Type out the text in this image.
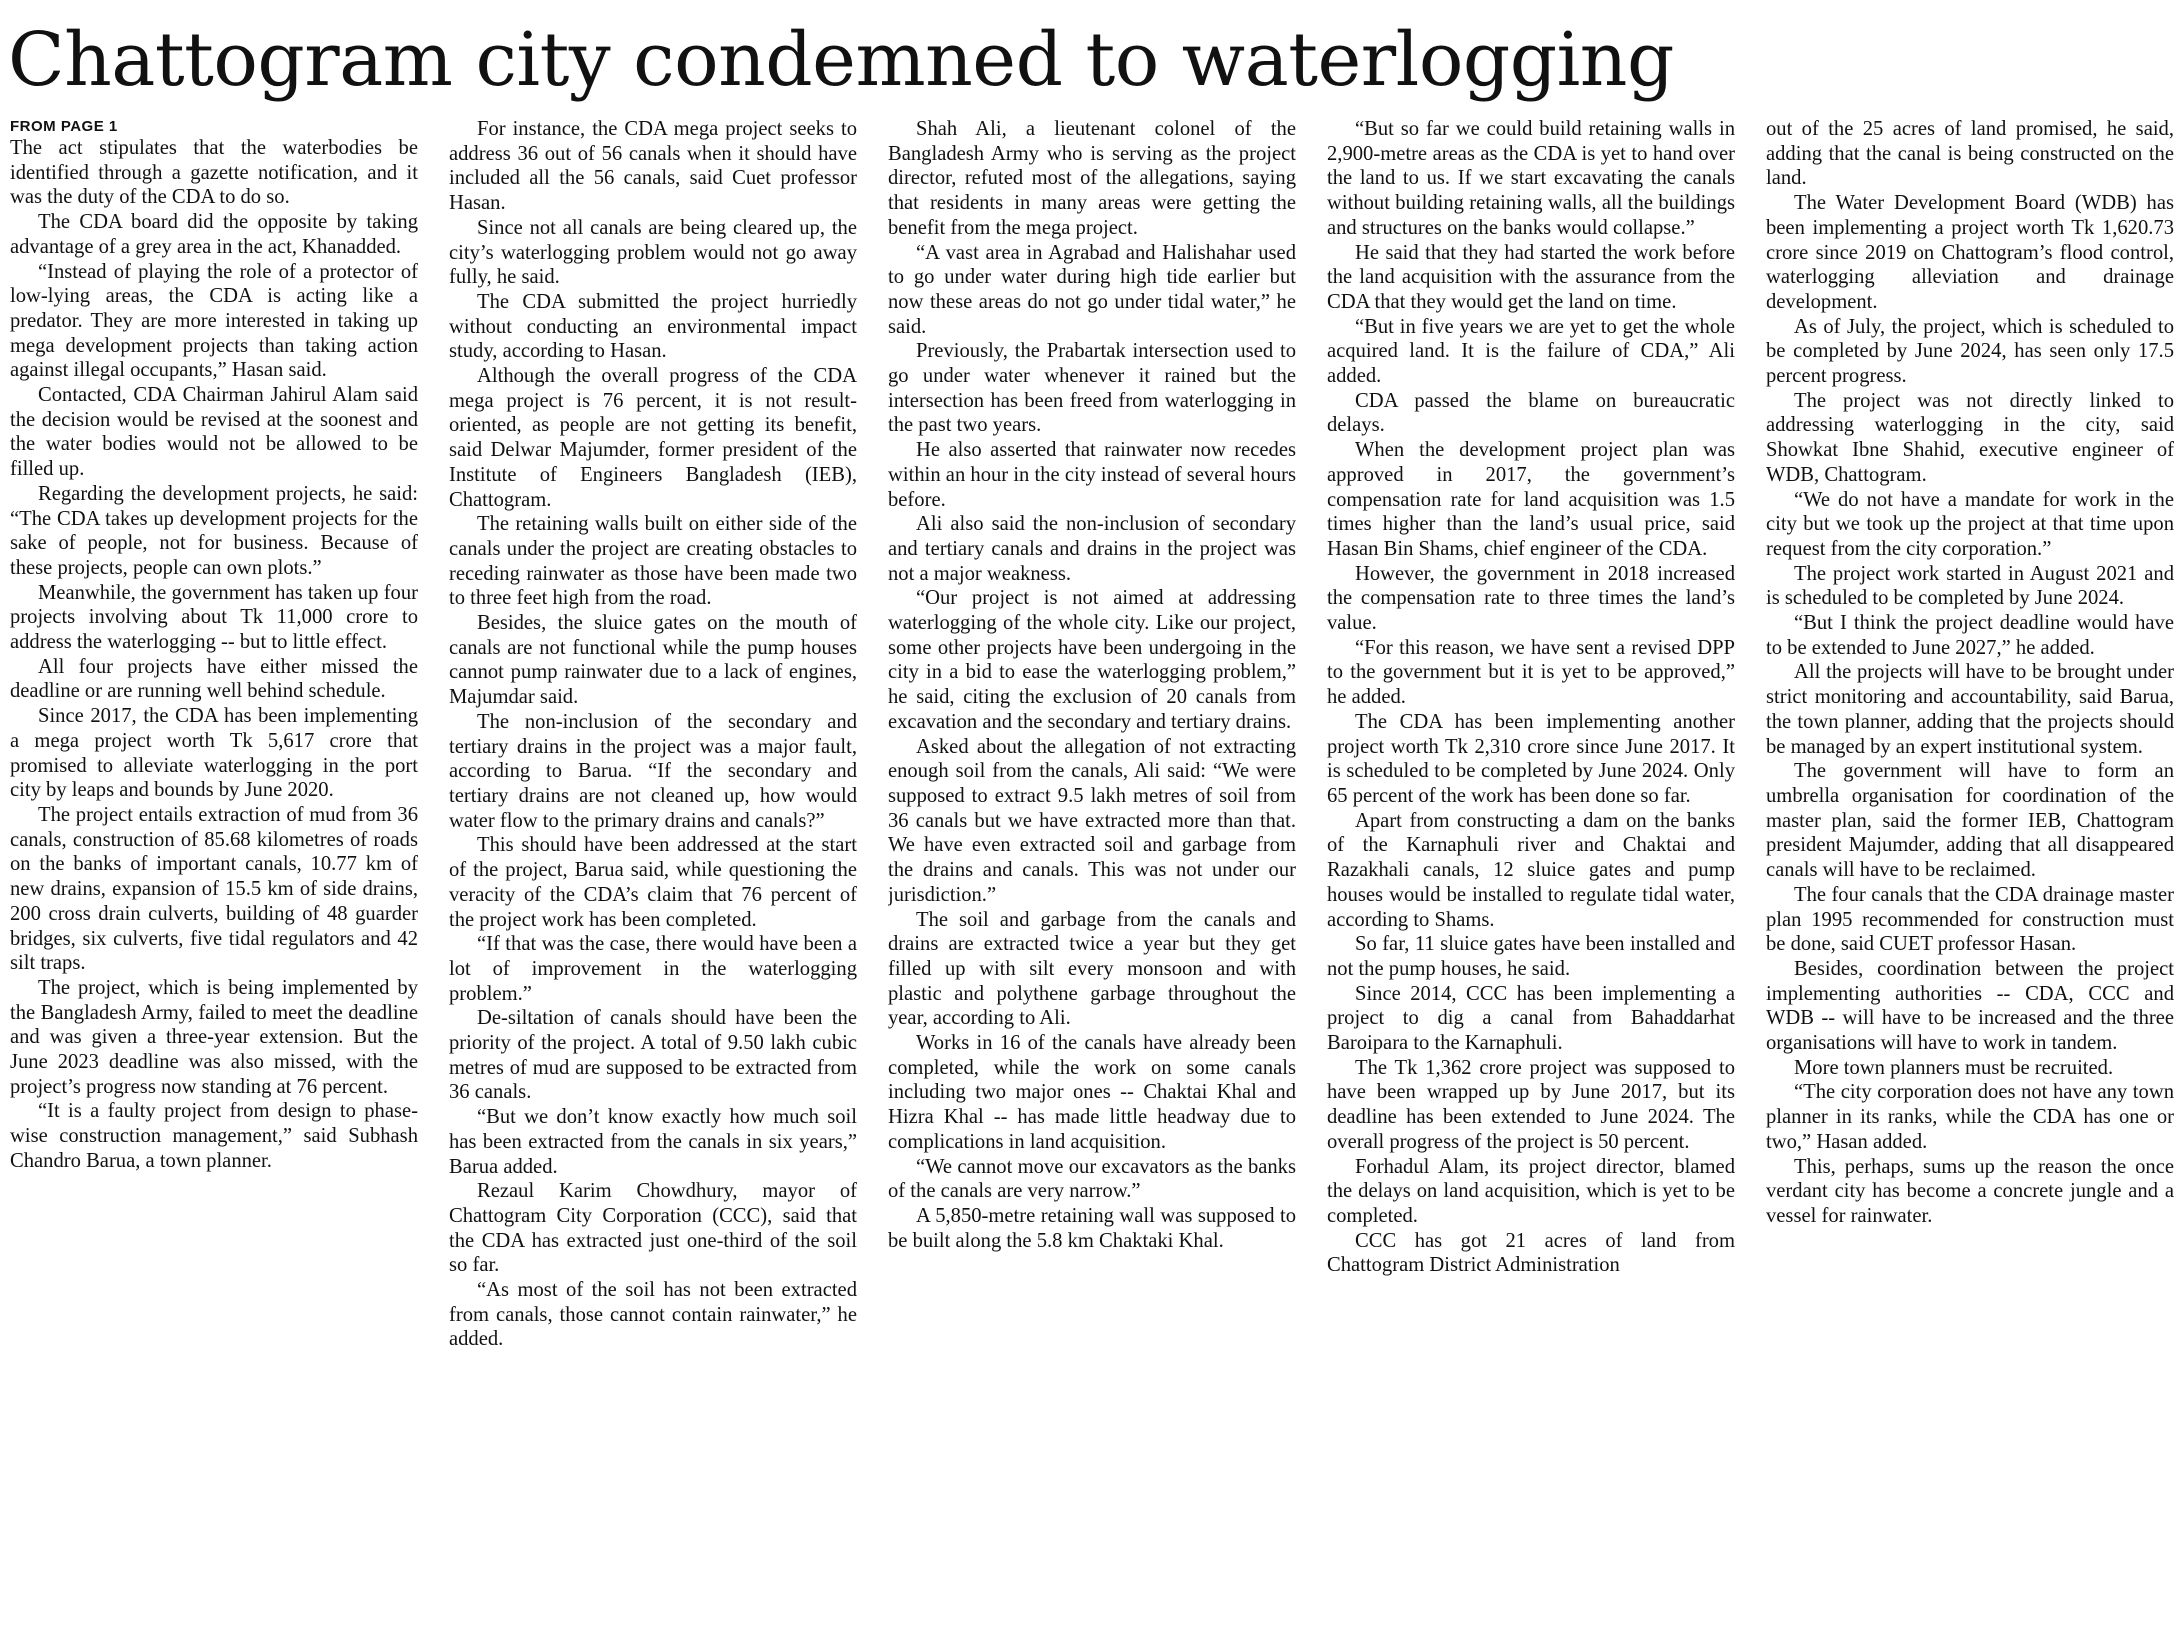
Chattogram city condemned to waterlogging

FROM PAGE 1

The act stipulates that the waterbodies be identified through a gazette notification, and it was the duty of the CDA to do so.

The CDA board did the opposite by taking advantage of a grey area in the act, Khanadded.

“Instead of playing the role of a protector of low-lying areas, the CDA is acting like a predator. They are more interested in taking up mega development projects than taking action against illegal occupants,” Hasan said.

Contacted, CDA Chairman Jahirul Alam said the decision would be revised at the soonest and the water bodies would not be allowed to be filled up.

Regarding the development projects, he said: “The CDA takes up development projects for the sake of people, not for business. Because of these projects, people can own plots.”

Meanwhile, the government has taken up four projects involving about Tk 11,000 crore to address the waterlogging -- but to little effect.

All four projects have either missed the deadline or are running well behind schedule.

Since 2017, the CDA has been implementing a mega project worth Tk 5,617 crore that promised to alleviate waterlogging in the port city by leaps and bounds by June 2020.

The project entails extraction of mud from 36 canals, construction of 85.68 kilometres of roads on the banks of important canals, 10.77 km of new drains, expansion of 15.5 km of side drains, 200 cross drain culverts, building of 48 guarder bridges, six culverts, five tidal regulators and 42 silt traps.

The project, which is being implemented by the Bangladesh Army, failed to meet the deadline and was given a three-year extension. But the June 2023 deadline was also missed, with the project’s progress now standing at 76 percent.

“It is a faulty project from design to phase-wise construction management,” said Subhash Chandro Barua, a town planner.

For instance, the CDA mega project seeks to address 36 out of 56 canals when it should have included all the 56 canals, said Cuet professor Hasan.

Since not all canals are being cleared up, the city’s waterlogging problem would not go away fully, he said.

The CDA submitted the project hurriedly without conducting an environmental impact study, according to Hasan.

Although the overall progress of the CDA mega project is 76 percent, it is not result-oriented, as people are not getting its benefit, said Delwar Majumder, former president of the Institute of Engineers Bangladesh (IEB), Chattogram.

The retaining walls built on either side of the canals under the project are creating obstacles to receding rainwater as those have been made two to three feet high from the road.

Besides, the sluice gates on the mouth of canals are not functional while the pump houses cannot pump rainwater due to a lack of engines, Majumdar said.

The non-inclusion of the secondary and tertiary drains in the project was a major fault, according to Barua. “If the secondary and tertiary drains are not cleaned up, how would water flow to the primary drains and canals?”

This should have been addressed at the start of the project, Barua said, while questioning the veracity of the CDA’s claim that 76 percent of the project work has been completed.

“If that was the case, there would have been a lot of improvement in the waterlogging problem.”

De-siltation of canals should have been the priority of the project. A total of 9.50 lakh cubic metres of mud are supposed to be extracted from 36 canals.

“But we don’t know exactly how much soil has been extracted from the canals in six years,” Barua added.

Rezaul Karim Chowdhury, mayor of Chattogram City Corporation (CCC), said that the CDA has extracted just one-third of the soil so far.

“As most of the soil has not been extracted from canals, those cannot contain rainwater,” he added.

Shah Ali, a lieutenant colonel of the Bangladesh Army who is serving as the project director, refuted most of the allegations, saying that residents in many areas were getting the benefit from the mega project.

“A vast area in Agrabad and Halishahar used to go under water during high tide earlier but now these areas do not go under tidal water,” he said.

Previously, the Prabartak intersection used to go under water whenever it rained but the intersection has been freed from waterlogging in the past two years.

He also asserted that rainwater now recedes within an hour in the city instead of several hours before.

Ali also said the non-inclusion of secondary and tertiary canals and drains in the project was not a major weakness.

“Our project is not aimed at addressing waterlogging of the whole city. Like our project, some other projects have been undergoing in the city in a bid to ease the waterlogging problem,” he said, citing the exclusion of 20 canals from excavation and the secondary and tertiary drains.

Asked about the allegation of not extracting enough soil from the canals, Ali said: “We were supposed to extract 9.5 lakh metres of soil from 36 canals but we have extracted more than that. We have even extracted soil and garbage from the drains and canals. This was not under our jurisdiction.”

The soil and garbage from the canals and drains are extracted twice a year but they get filled up with silt every monsoon and with plastic and polythene garbage throughout the year, according to Ali.

Works in 16 of the canals have already been completed, while the work on some canals including two major ones -- Chaktai Khal and Hizra Khal -- has made little headway due to complications in land acquisition.

“We cannot move our excavators as the banks of the canals are very narrow.”

A 5,850-metre retaining wall was supposed to be built along the 5.8 km Chaktaki Khal.

“But so far we could build retaining walls in 2,900-metre areas as the CDA is yet to hand over the land to us. If we start excavating the canals without building retaining walls, all the buildings and structures on the banks would collapse.”

He said that they had started the work before the land acquisition with the assurance from the CDA that they would get the land on time.

“But in five years we are yet to get the whole acquired land. It is the failure of CDA,” Ali added.

CDA passed the blame on bureaucratic delays.

When the development project plan was approved in 2017, the government’s compensation rate for land acquisition was 1.5 times higher than the land’s usual price, said Hasan Bin Shams, chief engineer of the CDA.

However, the government in 2018 increased the compensation rate to three times the land’s value.

“For this reason, we have sent a revised DPP to the government but it is yet to be approved,” he added.

The CDA has been implementing another project worth Tk 2,310 crore since June 2017. It is scheduled to be completed by June 2024. Only 65 percent of the work has been done so far.

Apart from constructing a dam on the banks of the Karnaphuli river and Chaktai and Razakhali canals, 12 sluice gates and pump houses would be installed to regulate tidal water, according to Shams.

So far, 11 sluice gates have been installed and not the pump houses, he said.

Since 2014, CCC has been implementing a project to dig a canal from Bahaddarhat Baroipara to the Karnaphuli.

The Tk 1,362 crore project was supposed to have been wrapped up by June 2017, but its deadline has been extended to June 2024. The overall progress of the project is 50 percent.

Forhadul Alam, its project director, blamed the delays on land acquisition, which is yet to be completed.

CCC has got 21 acres of land from Chattogram District Administration

out of the 25 acres of land promised, he said, adding that the canal is being constructed on the land.

The Water Development Board (WDB) has been implementing a project worth Tk 1,620.73 crore since 2019 on Chattogram’s flood control, waterlogging alleviation and drainage development.

As of July, the project, which is scheduled to be completed by June 2024, has seen only 17.5 percent progress.

The project was not directly linked to addressing waterlogging in the city, said Showkat Ibne Shahid, executive engineer of WDB, Chattogram.

“We do not have a mandate for work in the city but we took up the project at that time upon request from the city corporation.”

The project work started in August 2021 and is scheduled to be completed by June 2024.

“But I think the project deadline would have to be extended to June 2027,” he added.

All the projects will have to be brought under strict monitoring and accountability, said Barua, the town planner, adding that the projects should be managed by an expert institutional system.

The government will have to form an umbrella organisation for coordination of the master plan, said the former IEB, Chattogram president Majumder, adding that all disappeared canals will have to be reclaimed.

The four canals that the CDA drainage master plan 1995 recommended for construction must be done, said CUET professor Hasan.

Besides, coordination between the project implementing authorities -- CDA, CCC and WDB -- will have to be increased and the three organisations will have to work in tandem.

More town planners must be recruited.

“The city corporation does not have any town planner in its ranks, while the CDA has one or two,” Hasan added.

This, perhaps, sums up the reason the once verdant city has become a concrete jungle and a vessel for rainwater.
